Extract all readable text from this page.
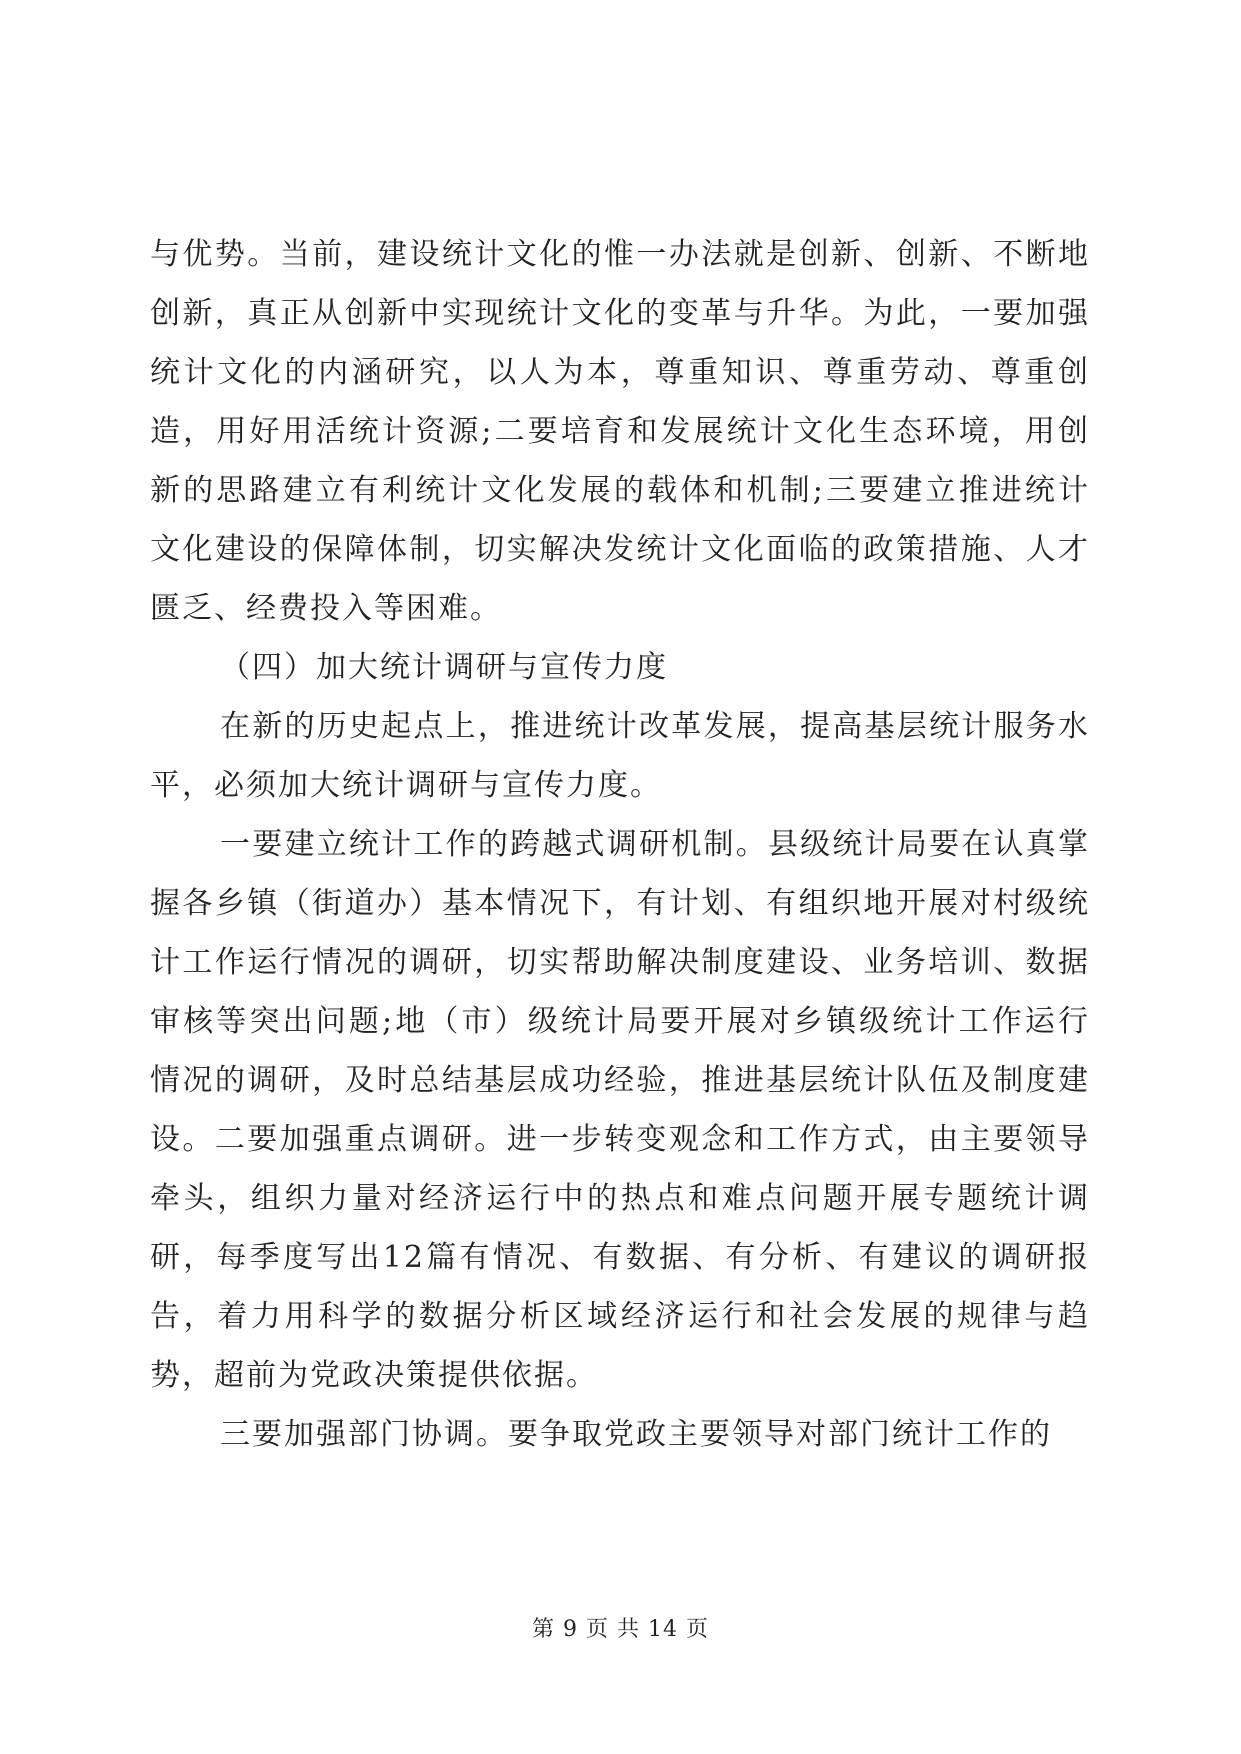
与优势。当前，建设统计文化的惟一办法就是创新、创新、不断地创新，真正从创新中实现统计文化的变革与升华。为此，一要加强统计文化的内涵研究，以人为本，尊重知识、尊重劳动、尊重创造，用好用活统计资源;二要培育和发展统计文化生态环境，用创新的思路建立有利统计文化发展的载体和机制;三要建立推进统计文化建设的保障体制，切实解决发统计文化面临的政策措施、人才匮乏、经费投入等困难。

（四）加大统计调研与宣传力度

在新的历史起点上，推进统计改革发展，提高基层统计服务水平，必须加大统计调研与宣传力度。

一要建立统计工作的跨越式调研机制。县级统计局要在认真掌握各乡镇（街道办）基本情况下，有计划、有组织地开展对村级统计工作运行情况的调研，切实帮助解决制度建设、业务培训、数据审核等突出问题;地（市）级统计局要开展对乡镇级统计工作运行情况的调研，及时总结基层成功经验，推进基层统计队伍及制度建设。二要加强重点调研。进一步转变观念和工作方式，由主要领导牵头，组织力量对经济运行中的热点和难点问题开展专题统计调研，每季度写出12篇有情况、有数据、有分析、有建议的调研报告，着力用科学的数据分析区域经济运行和社会发展的规律与趋势，超前为党政决策提供依据。

三要加强部门协调。要争取党政主要领导对部门统计工作的

第 9 页 共 14 页
